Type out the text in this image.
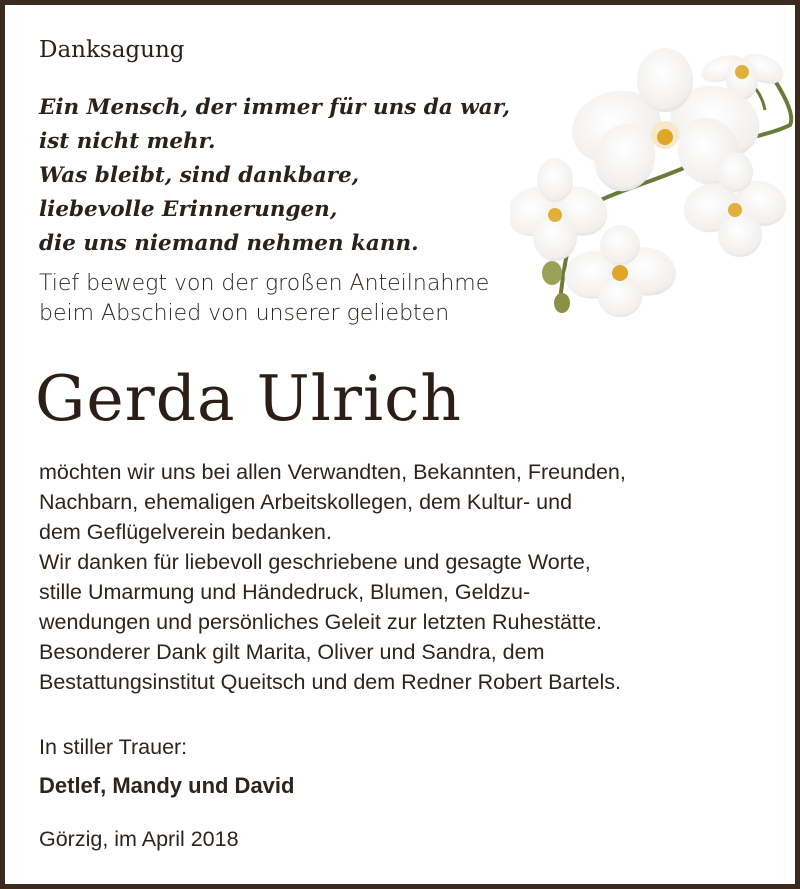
Danksagung
Ein Mensch, der immer für uns da war,
ist nicht mehr.
Was bleibt, sind dankbare,
liebevolle Erinnerungen,
die uns niemand nehmen kann.
Tief bewegt von der großen Anteilnahme
beim Abschied von unserer geliebten
Gerda Ulrich
möchten wir uns bei allen Verwandten, Bekannten, Freunden,
Nachbarn, ehemaligen Arbeitskollegen, dem Kultur- und
dem Geflügelverein bedanken.
Wir danken für liebevoll geschriebene und gesagte Worte,
stille Umarmung und Händedruck, Blumen, Geldzu-
wendungen und persönliches Geleit zur letzten Ruhestätte.
Besonderer Dank gilt Marita, Oliver und Sandra, dem
Bestattungsinstitut Queitsch und dem Redner Robert Bartels.
In stiller Trauer:
Detlef, Mandy und David
Görzig, im April 2018
